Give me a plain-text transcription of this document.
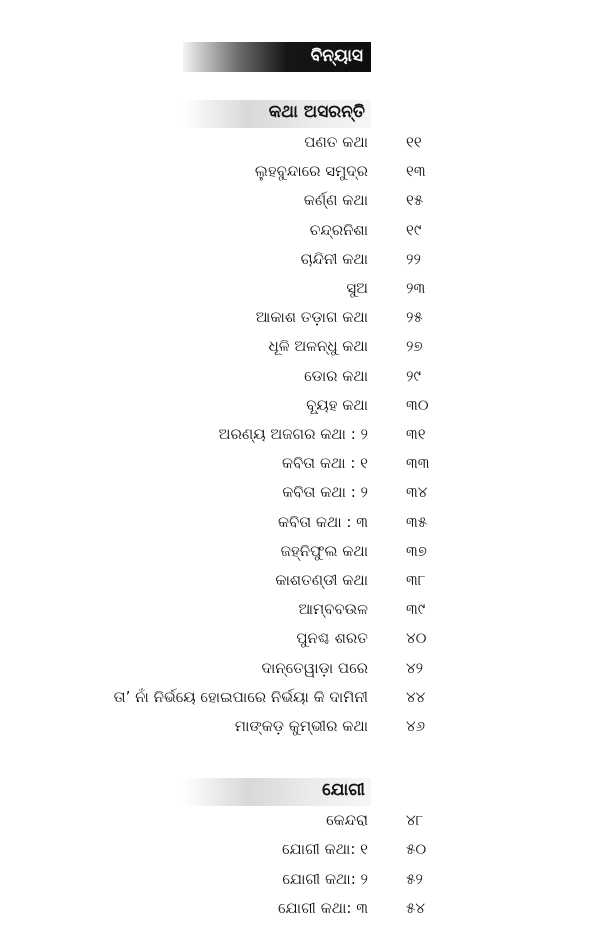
ବିନ୍ୟାସ
କଥା ଅସରନ୍ତି
ପଣତ କଥା	୧୧
ଲୁହବୁନ୍ଦାରେ ସମୁଦ୍ର	୧୩
କର୍ଣ୍ଣ କଥା	୧୫
ଚନ୍ଦ୍ରନିଶା	୧୯
ଚାନ୍ଦିନୀ କଥା	୨୨
ସୁଅ	୨୩
ଆକାଶ ତଡ଼ାଗ କଥା	୨୫
ଧୂଳି ଅଳନ୍ଧୁ କଥା	୨୭
ଡୋର କଥା	୨୯
ବ୍ୟୂହ କଥା	୩୦
ଅରଣ୍ୟ ଅଜଗର କଥା : ୨	୩୧
କବିତା କଥା : ୧	୩୩
କବିତା କଥା : ୨	୩୪
କବିତା କଥା : ୩	୩୫
ଜହ୍ନିଫୁଲ କଥା	୩୭
କାଶତଣ୍ଡୀ କଥା	୩୮
ଆମ୍ବବଉଳ	୩୯
ପୁନଶ୍ଚ ଶରତ	୪୦
ଦାନ୍ତେୱାଡ଼ା ପରେ	୪୨
ତା’ ନାଁ ନିର୍ଭୟେ ହୋଇପାରେ ନିର୍ଭୟା କି ଦାମିନୀ	୪୪
ମାଙ୍କଡ଼ କୁମ୍ଭୀର କଥା	୪୬
ଯୋଗୀ
କେନ୍ଦରା	୪୮
ଯୋଗୀ କଥା: ୧	୫୦
ଯୋଗୀ କଥା: ୨	୫୨
ଯୋଗୀ କଥା: ୩	୫୪
